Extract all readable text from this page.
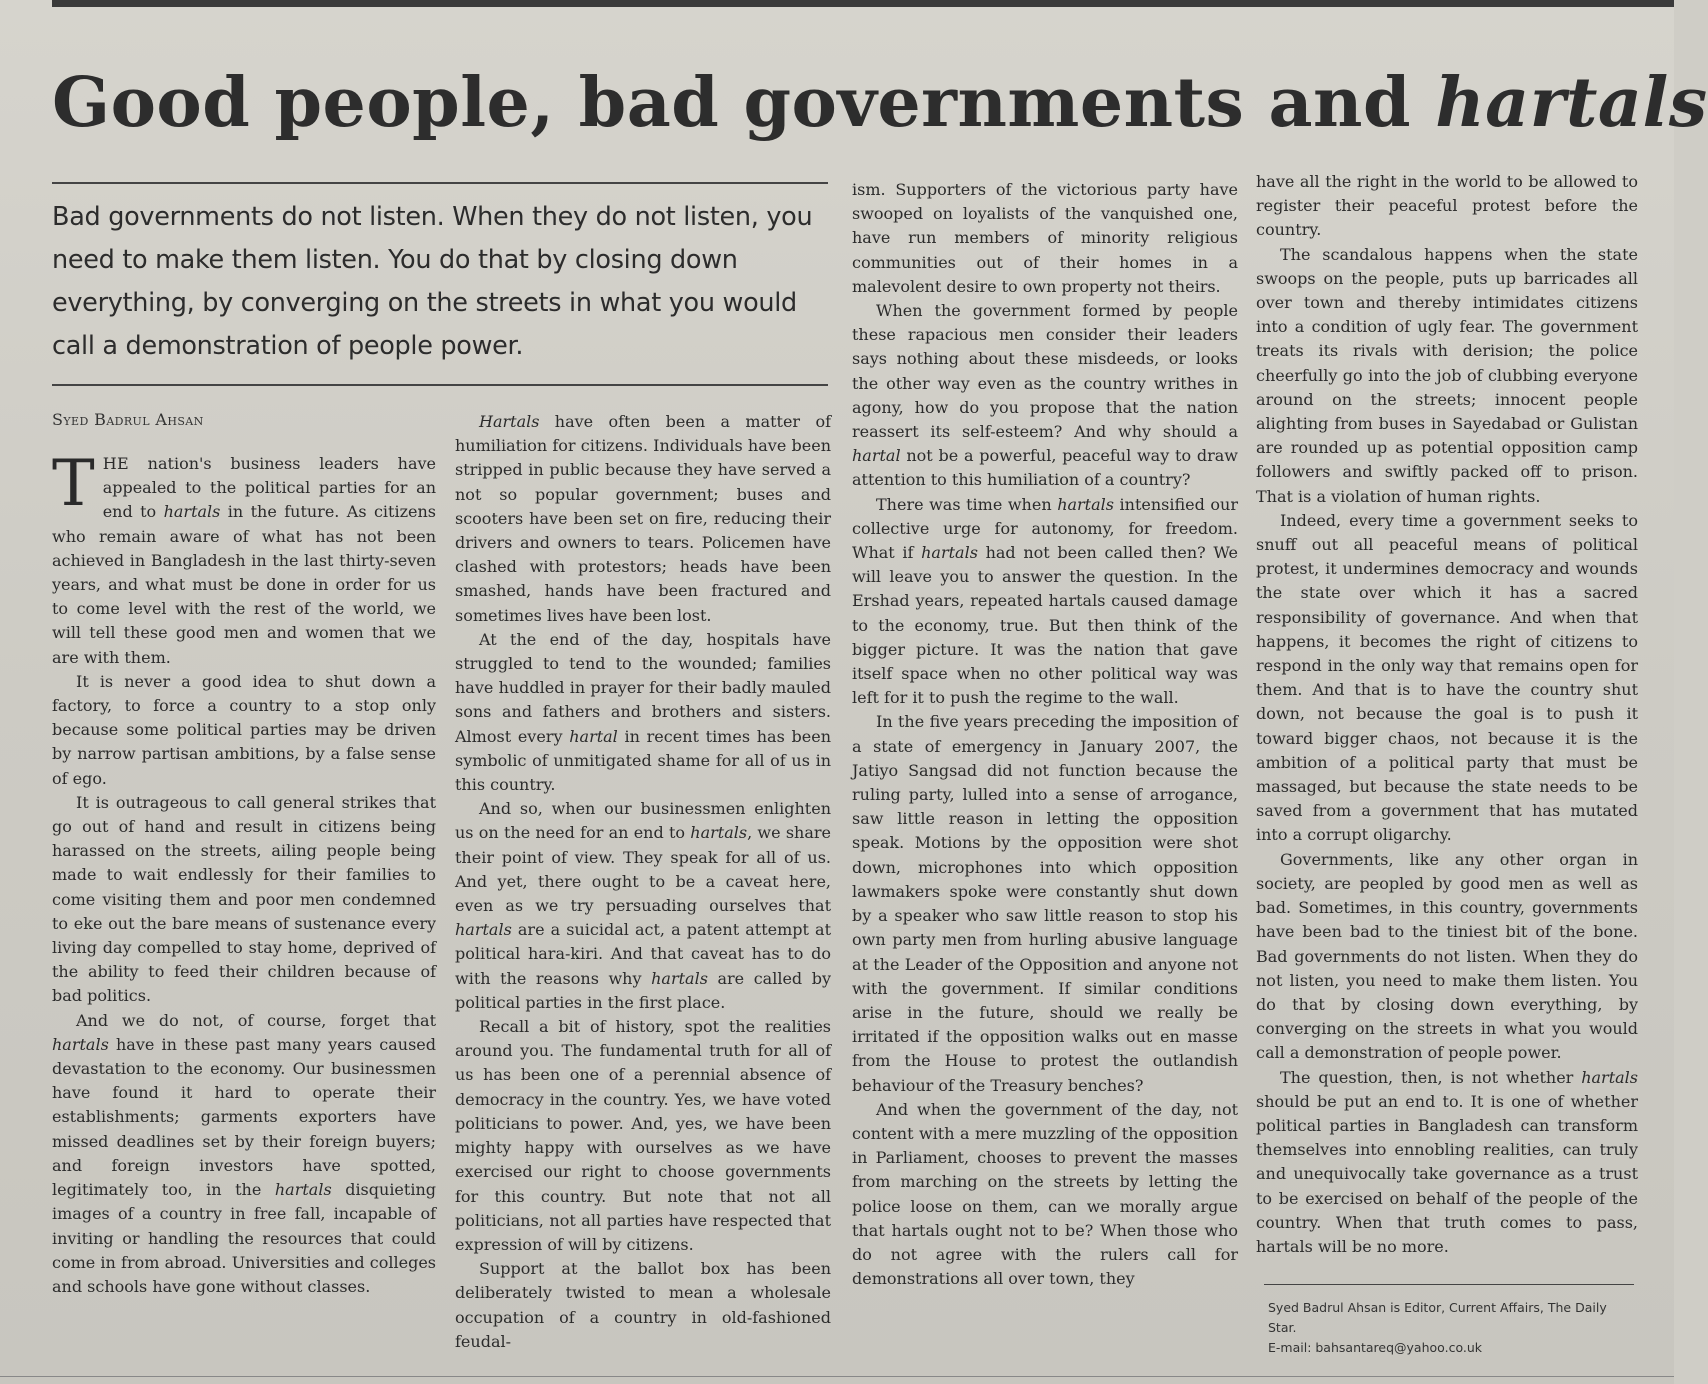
Good people, bad governments and hartals
Bad governments do not listen. When they do not listen, you need to make them listen. You do that by closing down everything, by converging on the streets in what you would call a demonstration of people power.
Syed Badrul Ahsan

THE nation's business leaders have appealed to the political parties for an end to hartals in the future. As citizens who remain aware of what has not been achieved in Bangladesh in the last thirty-seven years, and what must be done in order for us to come level with the rest of the world, we will tell these good men and women that we are with them.

It is never a good idea to shut down a factory, to force a country to a stop only because some political parties may be driven by narrow partisan ambitions, by a false sense of ego.

It is outrageous to call general strikes that go out of hand and result in citizens being harassed on the streets, ailing people being made to wait endlessly for their families to come visiting them and poor men condemned to eke out the bare means of sustenance every living day compelled to stay home, deprived of the ability to feed their children because of bad politics.

And we do not, of course, forget that hartals have in these past many years caused devastation to the economy. Our businessmen have found it hard to operate their establishments; garments exporters have missed deadlines set by their foreign buyers; and foreign investors have spotted, legitimately too, in the hartals disquieting images of a country in free fall, incapable of inviting or handling the resources that could come in from abroad. Universities and colleges and schools have gone without classes.

Hartals have often been a matter of humiliation for citizens. Individuals have been stripped in public because they have served a not so popular government; buses and scooters have been set on fire, reducing their drivers and owners to tears. Policemen have clashed with protestors; heads have been smashed, hands have been fractured and sometimes lives have been lost.

At the end of the day, hospitals have struggled to tend to the wounded; families have huddled in prayer for their badly mauled sons and fathers and brothers and sisters. Almost every hartal in recent times has been symbolic of unmitigated shame for all of us in this country.

And so, when our businessmen enlighten us on the need for an end to hartals, we share their point of view. They speak for all of us. And yet, there ought to be a caveat here, even as we try persuading ourselves that hartals are a suicidal act, a patent attempt at political hara-kiri. And that caveat has to do with the reasons why hartals are called by political parties in the first place.

Recall a bit of history, spot the realities around you. The fundamental truth for all of us has been one of a perennial absence of democracy in the country. Yes, we have voted politicians to power. And, yes, we have been mighty happy with ourselves as we have exercised our right to choose governments for this country. But note that not all politicians, not all parties have respected that expression of will by citizens.

Support at the ballot box has been deliberately twisted to mean a wholesale occupation of a country in old-fashioned feudal-

ism. Supporters of the victorious party have swooped on loyalists of the vanquished one, have run members of minority religious communities out of their homes in a malevolent desire to own property not theirs.

When the government formed by people these rapacious men consider their leaders says nothing about these misdeeds, or looks the other way even as the country writhes in agony, how do you propose that the nation reassert its self-esteem? And why should a hartal not be a powerful, peaceful way to draw attention to this humiliation of a country?

There was time when hartals intensified our collective urge for autonomy, for freedom. What if hartals had not been called then? We will leave you to answer the question. In the Ershad years, repeated hartals caused damage to the economy, true. But then think of the bigger picture. It was the nation that gave itself space when no other political way was left for it to push the regime to the wall.

In the five years preceding the imposition of a state of emergency in January 2007, the Jatiyo Sangsad did not function because the ruling party, lulled into a sense of arrogance, saw little reason in letting the opposition speak. Motions by the opposition were shot down, microphones into which opposition lawmakers spoke were constantly shut down by a speaker who saw little reason to stop his own party men from hurling abusive language at the Leader of the Opposition and anyone not with the government. If similar conditions arise in the future, should we really be irritated if the opposition walks out en masse from the House to protest the outlandish behaviour of the Treasury benches?

And when the government of the day, not content with a mere muzzling of the opposition in Parliament, chooses to prevent the masses from marching on the streets by letting the police loose on them, can we morally argue that hartals ought not to be? When those who do not agree with the rulers call for demonstrations all over town, they

have all the right in the world to be allowed to register their peaceful protest before the country.

The scandalous happens when the state swoops on the people, puts up barricades all over town and thereby intimidates citizens into a condition of ugly fear. The government treats its rivals with derision; the police cheerfully go into the job of clubbing everyone around on the streets; innocent people alighting from buses in Sayedabad or Gulistan are rounded up as potential opposition camp followers and swiftly packed off to prison. That is a violation of human rights.

Indeed, every time a government seeks to snuff out all peaceful means of political protest, it undermines democracy and wounds the state over which it has a sacred responsibility of governance. And when that happens, it becomes the right of citizens to respond in the only way that remains open for them. And that is to have the country shut down, not because the goal is to push it toward bigger chaos, not because it is the ambition of a political party that must be massaged, but because the state needs to be saved from a government that has mutated into a corrupt oligarchy.

Governments, like any other organ in society, are peopled by good men as well as bad. Sometimes, in this country, governments have been bad to the tiniest bit of the bone. Bad governments do not listen. When they do not listen, you need to make them listen. You do that by closing down everything, by converging on the streets in what you would call a demonstration of people power.

The question, then, is not whether hartals should be put an end to. It is one of whether political parties in Bangladesh can transform themselves into ennobling realities, can truly and unequivocally take governance as a trust to be exercised on behalf of the people of the country. When that truth comes to pass, hartals will be no more.

Syed Badrul Ahsan is Editor, Current Affairs, The Daily Star.
E-mail: bahsantareq@yahoo.co.uk
